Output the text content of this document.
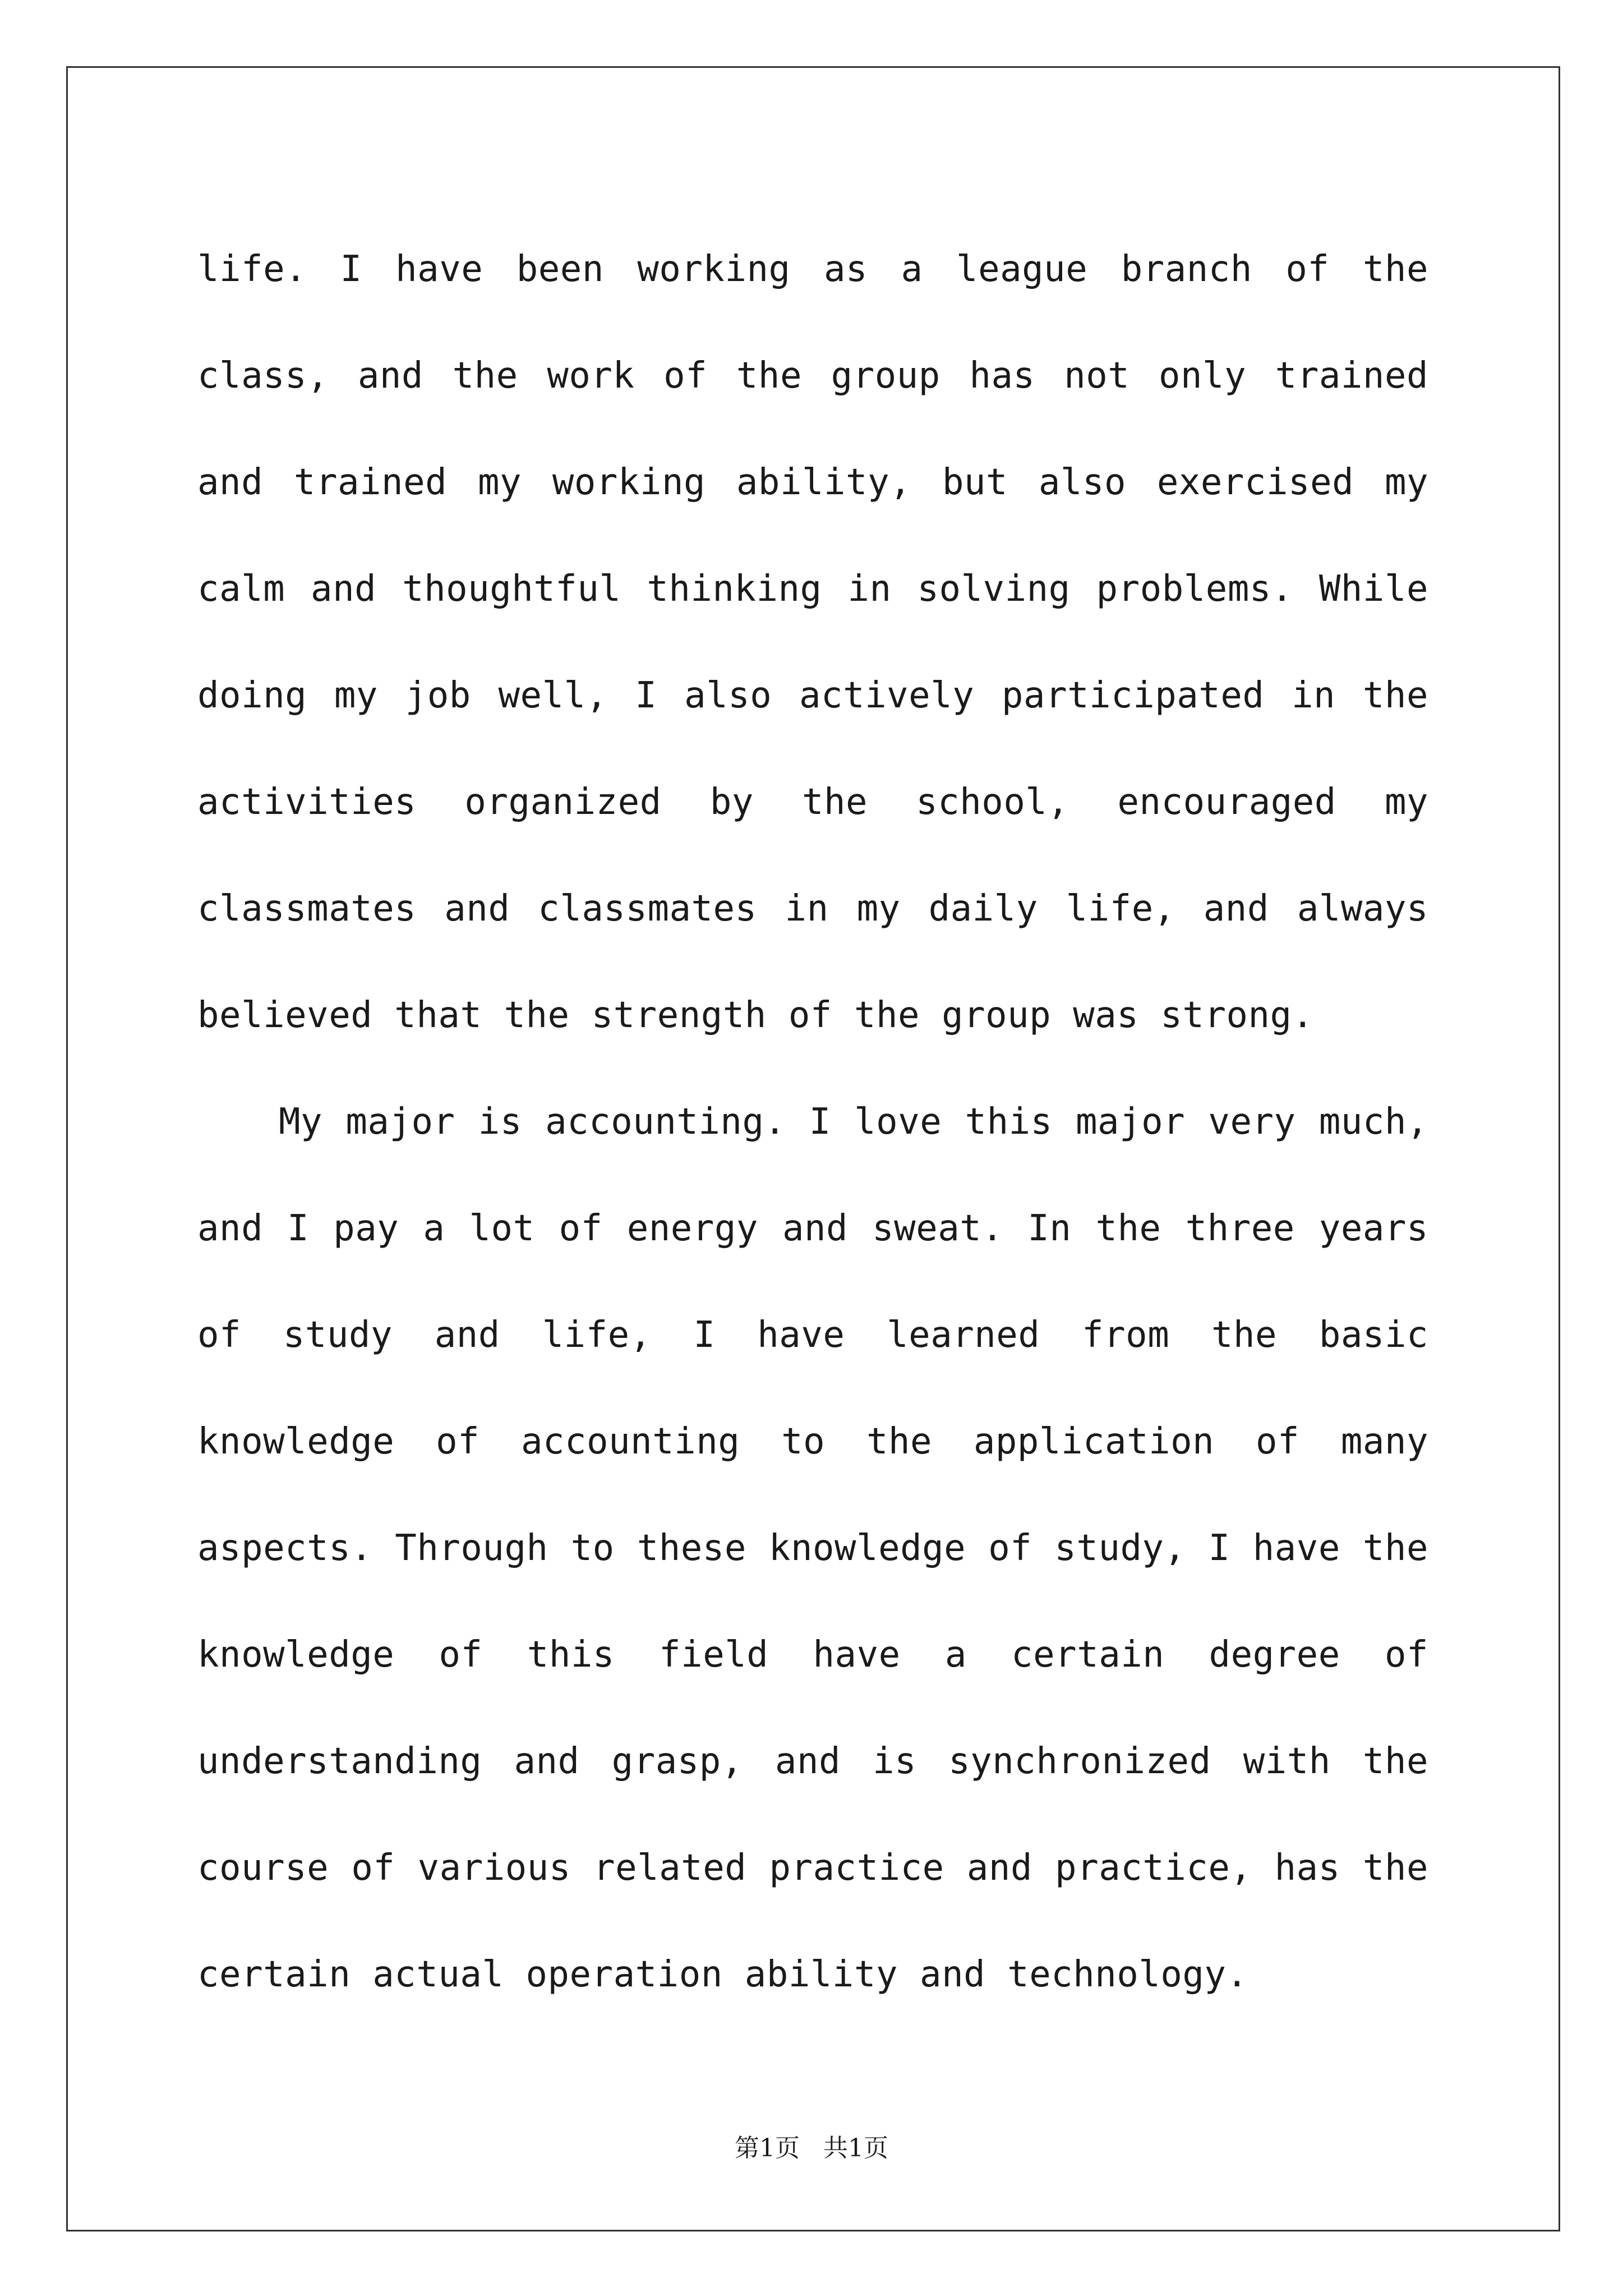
life. I have been working as a league branch of the class, and the work of the group has not only trained and trained my working ability, but also exercised my calm and thoughtful thinking in solving problems. While doing my job well, I also actively participated in the activities organized by the school, encouraged my classmates and classmates in my daily life, and always believed that the strength of the group was strong.

My major is accounting. I love this major very much, and I pay a lot of energy and sweat. In the three years of study and life, I have learned from the basic knowledge of accounting to the application of many aspects. Through to these knowledge of study, I have the knowledge of this field have a certain degree of understanding and grasp, and is synchronized with the course of various related practice and practice, has the certain actual operation ability and technology.

第1页   共1页
